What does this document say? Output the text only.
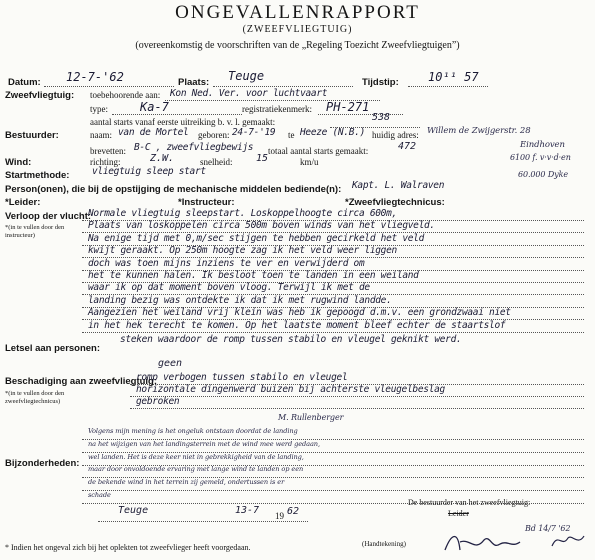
ONGEVALLENRAPPORT
(ZWEEFVLIEGTUIG)
(overeenkomstig de voorschriften van de „Regeling Toezicht Zweefvliegtuigen”)
Datum: 12-7-'62	Plaats: Teuge	Tijdstip: 10¹¹ 57
Zweefvliegtuig: toebehoorende aan: Kon Ned. Ver. voor luchtvaart
type:	Ka-7	registratiekenmerk: PH-271
aantal starts vanaf eerste uitreiking b. v. l. gemaakt:	538
Bestuurder:	naam: van de Mortel geboren: 24-7-'19 te Heeze (N.B.) huidig adres: Willem de Zwijgerstr. 28
Eindhoven
brevetten: B-C , zweefvliegbewijs totaal aantal starts gemaakt:	472
6100 f. v·v·d·en
60.000 Dyke
Wind:	richting:	Z.W.	snelheid: 15	km/u
Startmethode: vliegtuig sleep start
Person(onen), die bij de opstijging de mechanische middelen bediende(n): Kapt. L. Walraven
*Leider:	*Instructeur:	*Zweefvliegtechnicus:
Verloop der vlucht:
*(in te vullen door den instructeur)
Normale vliegtuig sleepstart. Loskoppelhoogte circa 600m,
Plaats van loskoppelen circa 500m boven winds van het vliegveld.
Na enige tijd met 0,m/sec stijgen te hebben gecirkeld het veld
kwijt geraakt. Op 250m hoogte zag ik het veld weer liggen
doch was toen mijns inziens te ver en verwijderd om
het te kunnen halen. Ik besloot toen te landen in een weiland
waar ik op dat moment boven vloog. Terwijl ik met de
landing bezig was ontdekte ik dat ik met rugwind landde.
Aangezien het weiland vrij klein was heb ik gepoogd d.m.v. een grondzwaai niet
in het hek terecht te komen. Op het laatste moment bleef echter de staartslof
Letsel aan personen:
steken waardoor de romp tussen stabilo en vleugel geknikt werd.
geen
Beschadiging aan zweefvliegtuig:
*(in te vullen door den zweefvliegtechnicus)
romp verbogen tussen stabilo en vleugel
horizontale dingenwerd buizen bij achterste vleugelbeslag
gebroken
M. Rullenberger
Bijzonderheden:
Volgens mijn mening is het ongeluk ontstaan doordat de landing
na het wijzigen van het landingsterrein met de wind mee werd gedaan,
wel landen. Het is deze keer niet in gebrekkigheid van de landing,
maar door onvoldoende ervaring met lange wind te landen op een
de bekende wind in het terrein zij gemeld, ondertussen is er
schade
Teuge	13-7 19 62
De bestuurder van het zweefvliegtuig:
Leider
Bd 14/7 '62
(Handtekening)
* Indien het ongeval zich bij het oplekten tot zweefvlieger heeft voorgedaan.
